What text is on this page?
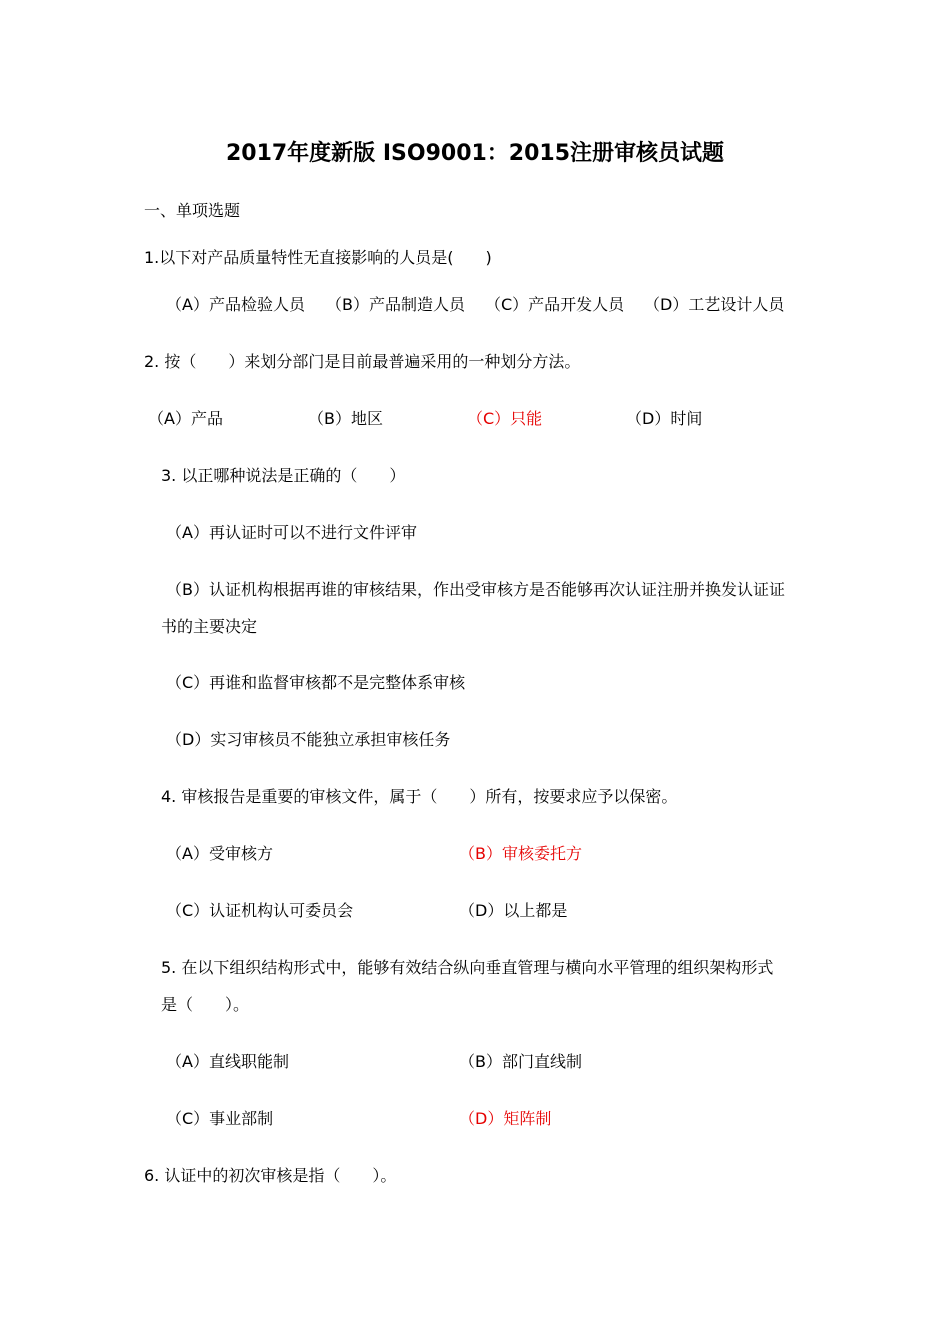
2017年度新版 ISO9001：2015注册审核员试题
一、单项选题
1.以下对产品质量特性无直接影响的人员是(　　)
（A）产品检验人员 （B）产品制造人员 （C）产品开发人员 （D）工艺设计人员
2. 按（　　）来划分部门是目前最普遍采用的一种划分方法。
（A）产品	（B）地区	（C）只能	（D）时间
3. 以正哪种说法是正确的（　　）
（A）再认证时可以不进行文件评审
（B）认证机构根据再谁的审核结果，作出受审核方是否能够再次认证注册并换发认证证
书的主要决定
（C）再谁和监督审核都不是完整体系审核
（D）实习审核员不能独立承担审核任务
4. 审核报告是重要的审核文件，属于（　　）所有，按要求应予以保密。
（A）受审核方	（B）审核委托方
（C）认证机构认可委员会	（D）以上都是
5. 在以下组织结构形式中，能够有效结合纵向垂直管理与横向水平管理的组织架构形式
是（　　）。
（A）直线职能制	（B）部门直线制
（C）事业部制	（D）矩阵制
6. 认证中的初次审核是指（　　）。
